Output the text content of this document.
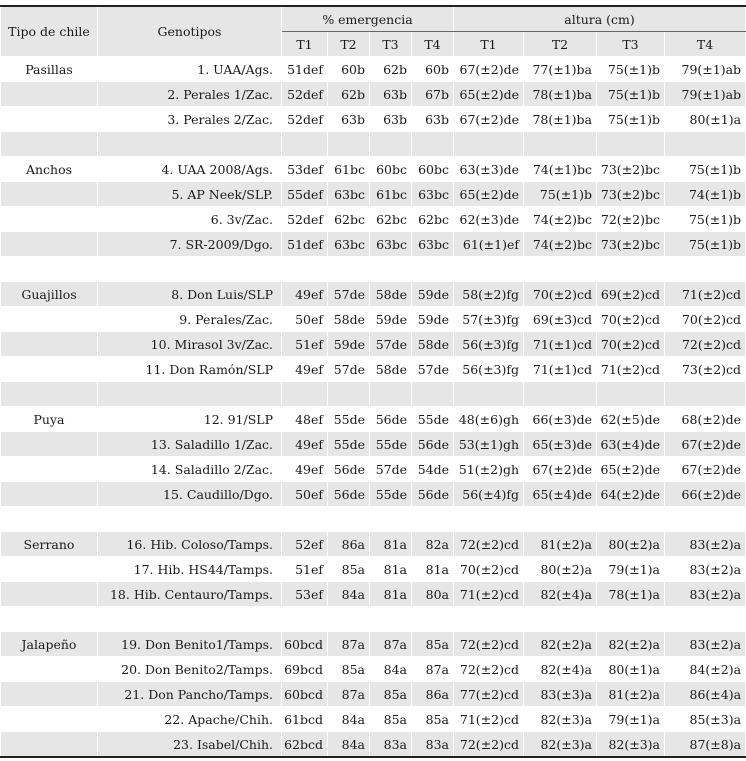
Tipo de chile	Genotipos	% emergencia				altura (cm)			
		T1	T2	T3	T4	T1	T2	T3	T4
Pasillas	1. UAA/Ags.	51def	60b	62b	60b	67(±2)de	77(±1)ba	75(±1)b	79(±1)ab
	2. Perales 1/Zac.	52def	62b	63b	67b	65(±2)de	78(±1)ba	75(±1)b	79(±1)ab
	3. Perales 2/Zac.	52def	63b	63b	63b	67(±2)de	78(±1)ba	75(±1)b	80(±1)a

Anchos	4. UAA 2008/Ags.	53def	61bc	60bc	60bc	63(±3)de	74(±1)bc	73(±2)bc	75(±1)b
	5. AP Neek/SLP.	55def	63bc	61bc	63bc	65(±2)de	75(±1)b	73(±2)bc	74(±1)b
	6. 3v/Zac.	52def	62bc	62bc	62bc	62(±3)de	74(±2)bc	72(±2)bc	75(±1)b
	7. SR-2009/Dgo.	51def	63bc	63bc	63bc	61(±1)ef	74(±2)bc	73(±2)bc	75(±1)b

Guajillos	8. Don Luis/SLP	49ef	57de	58de	59de	58(±2)fg	70(±2)cd	69(±2)cd	71(±2)cd
	9. Perales/Zac.	50ef	58de	59de	59de	57(±3)fg	69(±3)cd	70(±2)cd	70(±2)cd
	10. Mirasol 3v/Zac.	51ef	59de	57de	58de	56(±3)fg	71(±1)cd	70(±2)cd	72(±2)cd
	11. Don Ramón/SLP	49ef	57de	58de	57de	56(±3)fg	71(±1)cd	71(±2)cd	73(±2)cd

Puya	12. 91/SLP	48ef	55de	56de	55de	48(±6)gh	66(±3)de	62(±5)de	68(±2)de
	13. Saladillo 1/Zac.	49ef	55de	55de	56de	53(±1)gh	65(±3)de	63(±4)de	67(±2)de
	14. Saladillo 2/Zac.	49ef	56de	57de	54de	51(±2)gh	67(±2)de	65(±2)de	67(±2)de
	15. Caudillo/Dgo.	50ef	56de	55de	56de	56(±4)fg	65(±4)de	64(±2)de	66(±2)de

Serrano	16. Hib. Coloso/Tamps.	52ef	86a	81a	82a	72(±2)cd	81(±2)a	80(±2)a	83(±2)a
	17. Hib. HS44/Tamps.	51ef	85a	81a	81a	70(±2)cd	80(±2)a	79(±1)a	83(±2)a
	18. Hib. Centauro/Tamps.	53ef	84a	81a	80a	71(±2)cd	82(±4)a	78(±1)a	83(±2)a

Jalapeño	19. Don Benito1/Tamps.	60bcd	87a	87a	85a	72(±2)cd	82(±2)a	82(±2)a	83(±2)a
	20. Don Benito2/Tamps.	69bcd	85a	84a	87a	72(±2)cd	82(±4)a	80(±1)a	84(±2)a
	21. Don Pancho/Tamps.	60bcd	87a	85a	86a	77(±2)cd	83(±3)a	81(±2)a	86(±4)a
	22. Apache/Chih.	61bcd	84a	85a	85a	71(±2)cd	82(±3)a	79(±1)a	85(±3)a
	23. Isabel/Chih.	62bcd	84a	83a	83a	72(±2)cd	82(±3)a	82(±3)a	87(±8)a
